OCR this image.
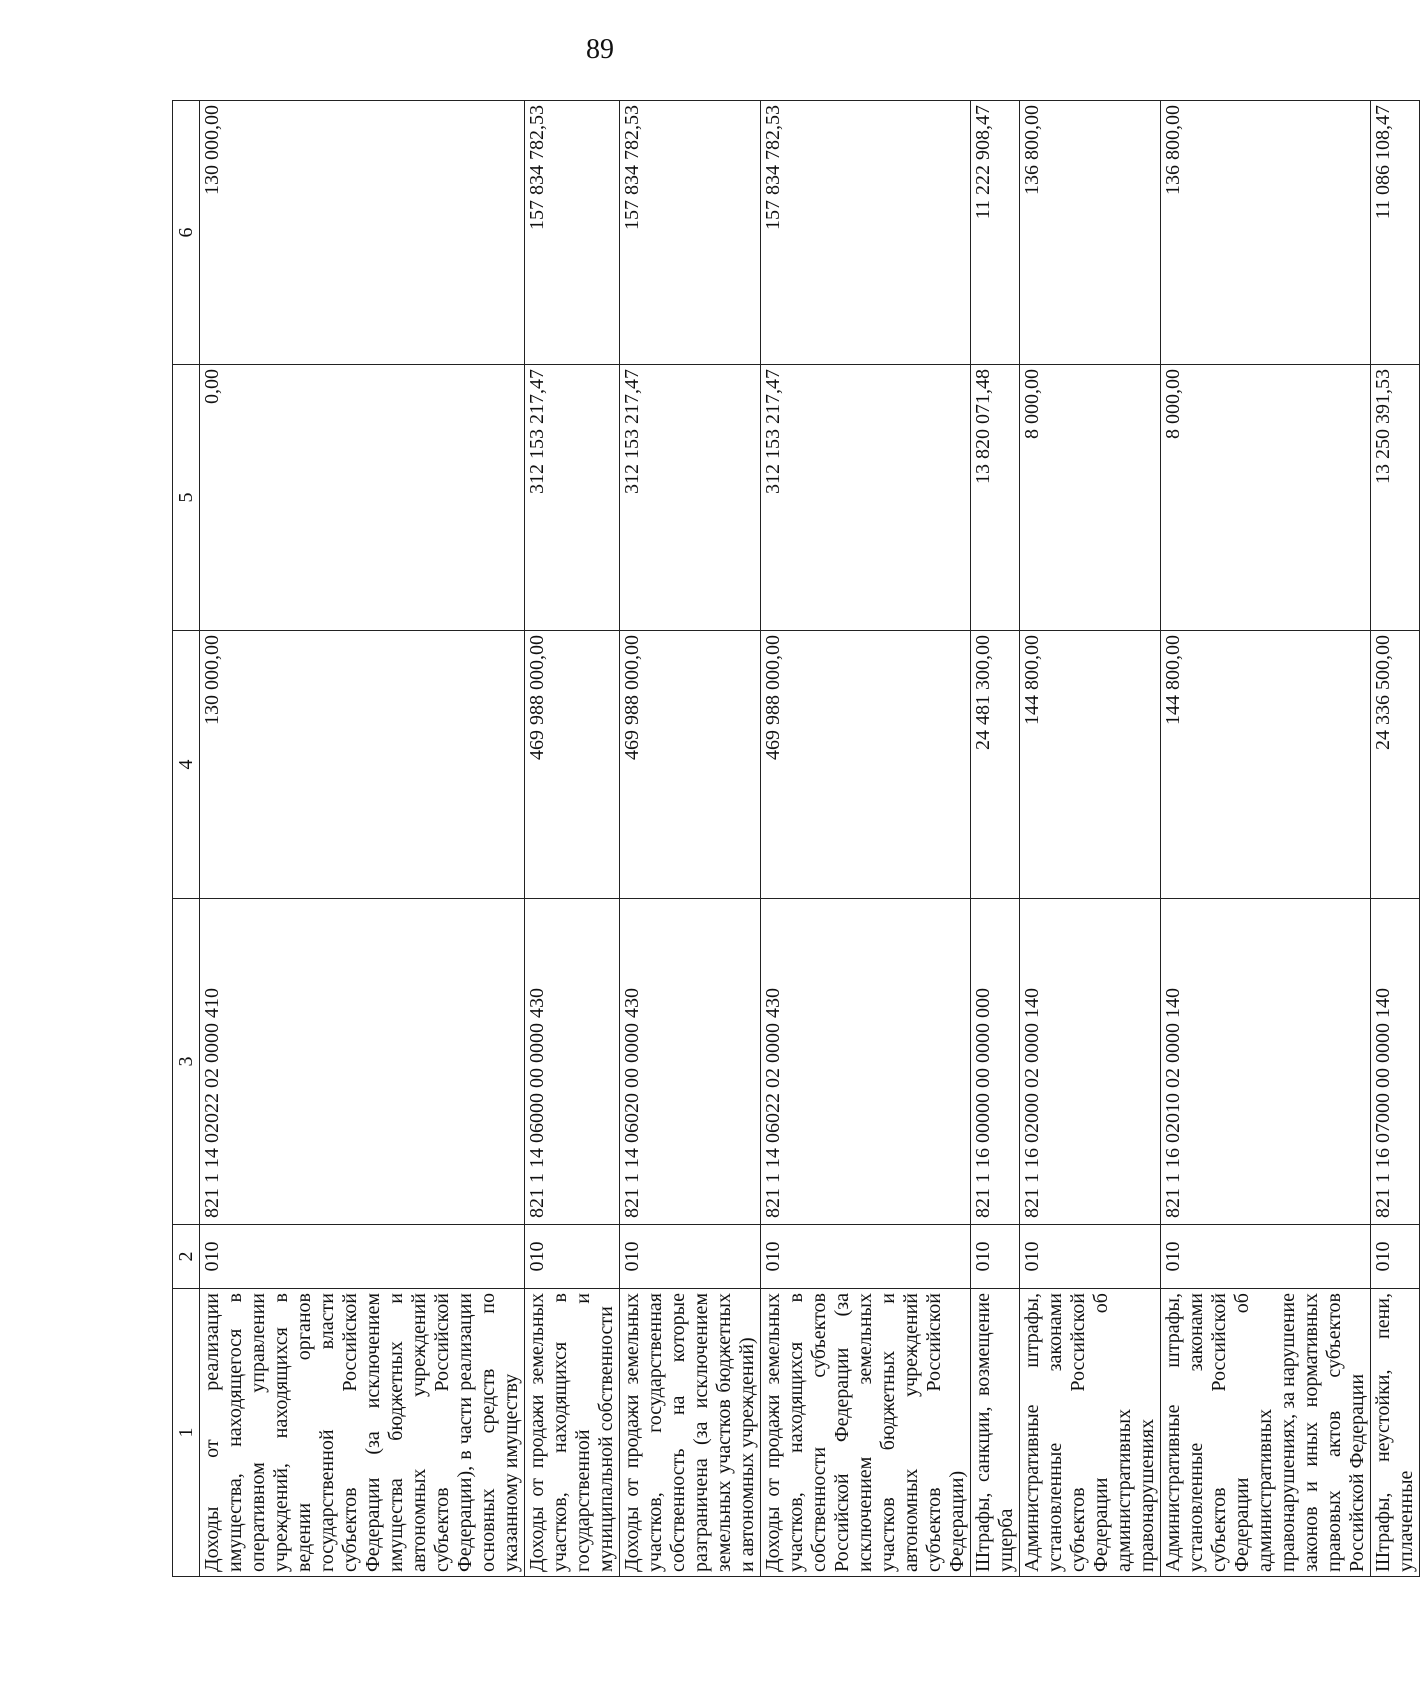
89
1	2	3	4	5	6
Доходы от реализации имущества, находящегося в оперативном управлении учреждений, находящихся в ведении органов государственной власти субъектов Российской Федерации (за исключением имущества бюджетных и автономных учреждений субъектов Российской Федерации), в части реализации основных средств по указанному имуществу	010	821 1 14 02022 02 0000 410	130 000,00	0,00	130 000,00
Доходы от продажи земельных участков, находящихся в государственной и муниципальной собственности	010	821 1 14 06000 00 0000 430	469 988 000,00	312 153 217,47	157 834 782,53
Доходы от продажи земельных участков, государственная собственность на которые разграничена (за исключением земельных участков бюджетных и автономных учреждений)	010	821 1 14 06020 00 0000 430	469 988 000,00	312 153 217,47	157 834 782,53
Доходы от продажи земельных участков, находящихся в собственности субъектов Российской Федерации (за исключением земельных участков бюджетных и автономных учреждений субъектов Российской Федерации)	010	821 1 14 06022 02 0000 430	469 988 000,00	312 153 217,47	157 834 782,53
Штрафы, санкции, возмещение ущерба	010	821 1 16 00000 00 0000 000	24 481 300,00	13 820 071,48	11 222 908,47
Административные штрафы, установленные законами субъектов Российской Федерации об административных правонарушениях	010	821 1 16 02000 02 0000 140	144 800,00	8 000,00	136 800,00
Административные штрафы, установленные законами субъектов Российской Федерации об административных правонарушениях, за нарушение законов и иных нормативных правовых актов субъектов Российской Федерации	010	821 1 16 02010 02 0000 140	144 800,00	8 000,00	136 800,00
Штрафы, неустойки, пени, уплаченные	010	821 1 16 07000 00 0000 140	24 336 500,00	13 250 391,53	11 086 108,47
